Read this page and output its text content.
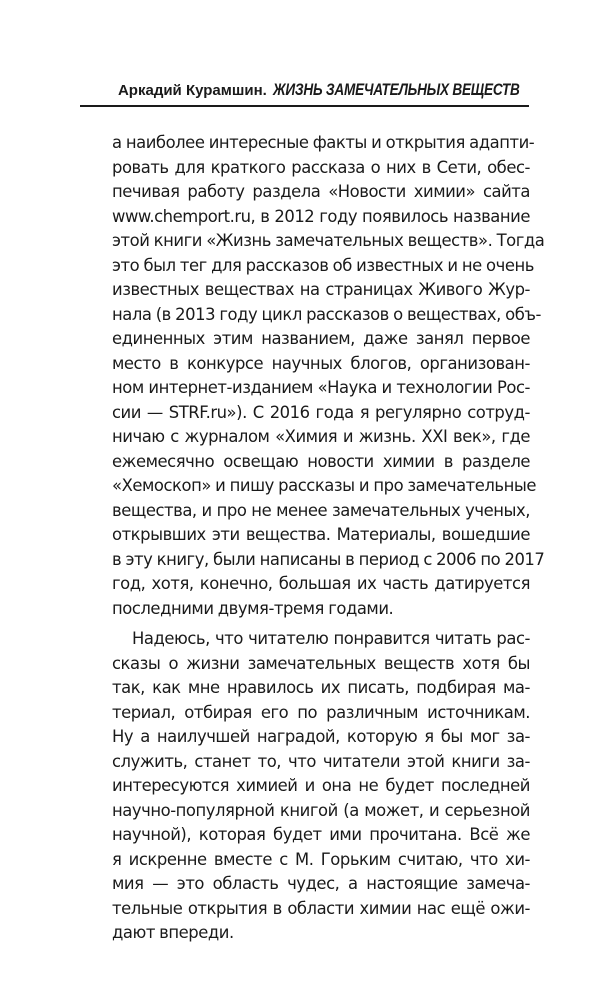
Аркадий Курамшин . ЖИЗНЬ ЗАМЕЧАТЕЛЬНЫХ ВЕЩЕСТВ

а наиболее интересные факты и открытия адапти-
ровать для краткого рассказа о них в Сети, обес-
печивая работу раздела «Новости химии» сайта
www.chemport.ru, в 2012 году появилось название
этой книги «Жизнь замечательных веществ». Тогда
это был тег для рассказов об известных и не очень
известных веществах на страницах Живого Жур-
нала (в 2013 году цикл рассказов о веществах, объ-
единенных этим названием, даже занял первое
место в конкурсе научных блогов, организован-
ном интернет-изданием «Наука и технологии Рос-
сии — STRF.ru»). С 2016 года я регулярно сотруд-
ничаю с журналом «Химия и жизнь. XXI век», где
ежемесячно освещаю новости химии в разделе
«Хемоскоп» и пишу рассказы и про замечательные
вещества, и про не менее замечательных ученых,
открывших эти вещества. Материалы, вошедшие
в эту книгу, были написаны в период с 2006 по 2017
год, хотя, конечно, большая их часть датируется
последними двумя-тремя годами.

Надеюсь, что читателю понравится читать рас-
сказы о жизни замечательных веществ хотя бы
так, как мне нравилось их писать, подбирая ма-
териал, отбирая его по различным источникам.
Ну а наилучшей наградой, которую я бы мог за-
служить, станет то, что читатели этой книги за-
интересуются химией и она не будет последней
научно-популярной книгой (а может, и серьезной
научной), которая будет ими прочитана. Всё же
я искренне вместе с М. Горьким считаю, что хи-
мия — это область чудес, а настоящие замеча-
тельные открытия в области химии нас ещё ожи-
дают впереди.
